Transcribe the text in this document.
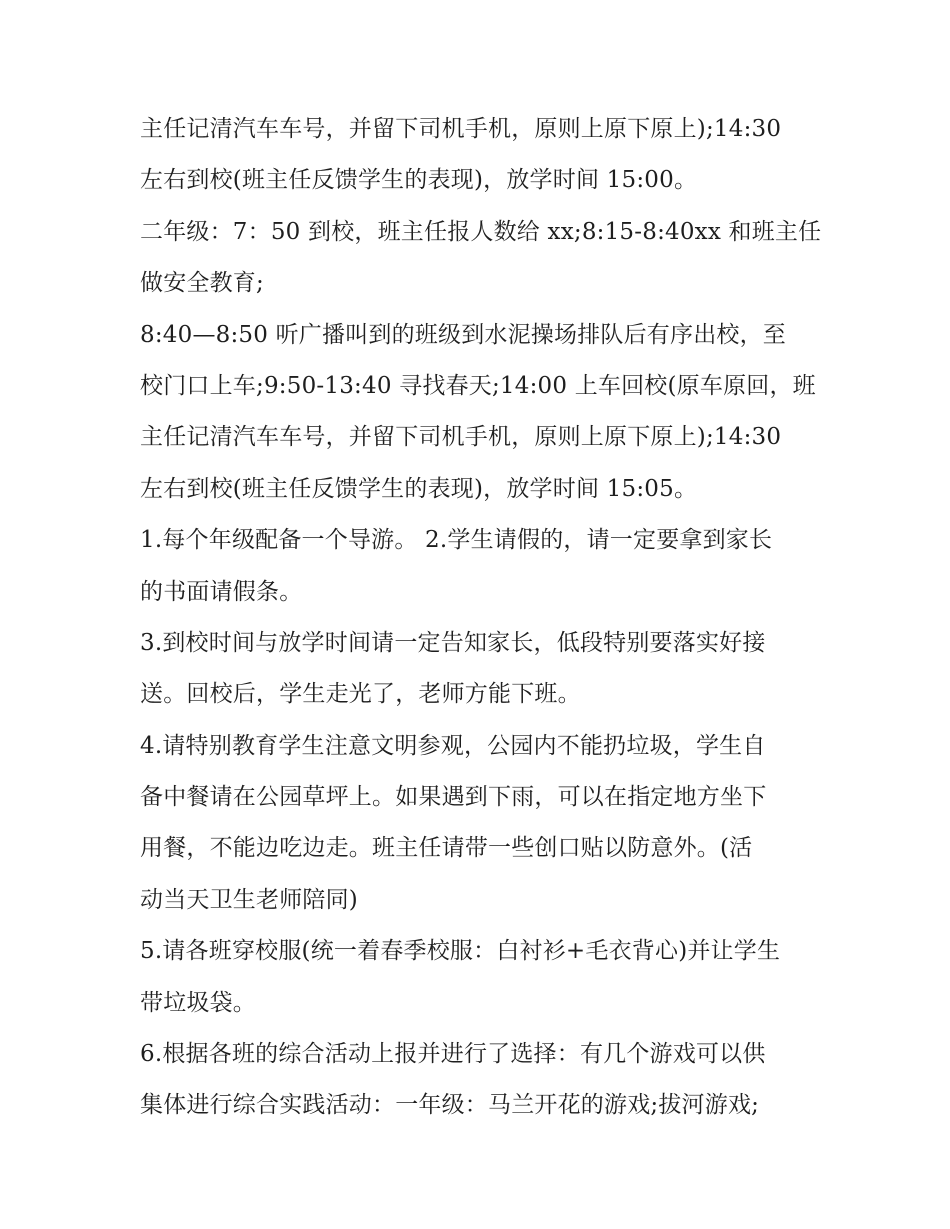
主任记清汽车车号，并留下司机手机，原则上原下原上);14:30
左右到校(班主任反馈学生的表现)，放学时间 15:00。
二年级：7：50 到校，班主任报人数给 xx;8:15-8:40xx 和班主任
做安全教育;
8:40—8:50 听广播叫到的班级到水泥操场排队后有序出校，至
校门口上车;9:50-13:40 寻找春天;14:00 上车回校(原车原回，班
主任记清汽车车号，并留下司机手机，原则上原下原上);14:30
左右到校(班主任反馈学生的表现)，放学时间 15:05。
1.每个年级配备一个导游。 2.学生请假的，请一定要拿到家长
的书面请假条。
3.到校时间与放学时间请一定告知家长，低段特别要落实好接
送。回校后，学生走光了，老师方能下班。
4.请特别教育学生注意文明参观，公园内不能扔垃圾，学生自
备中餐请在公园草坪上。如果遇到下雨，可以在指定地方坐下
用餐，不能边吃边走。班主任请带一些创口贴以防意外。(活
动当天卫生老师陪同)
5.请各班穿校服(统一着春季校服：白衬衫+毛衣背心)并让学生
带垃圾袋。
6.根据各班的综合活动上报并进行了选择：有几个游戏可以供
集体进行综合实践活动：一年级：马兰开花的游戏;拔河游戏;
